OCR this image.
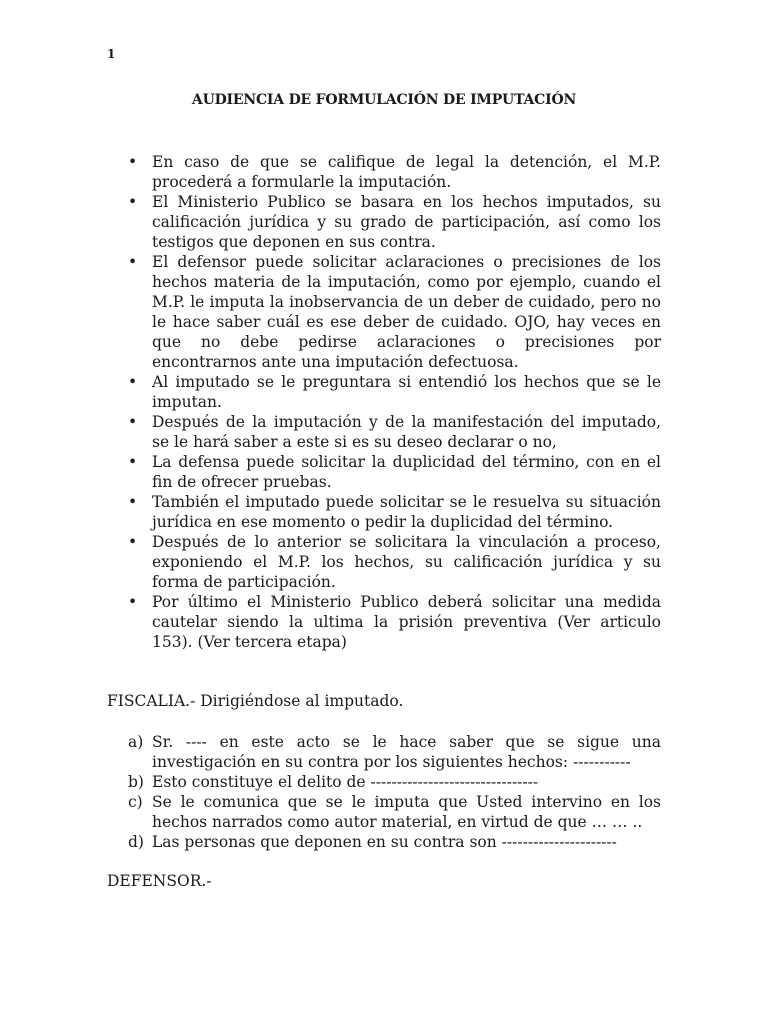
1
AUDIENCIA DE FORMULACIÓN DE IMPUTACIÓN
• En caso de que se califique de legal la detención, el M.P. procederá a formularle la imputación.
• El Ministerio Publico se basara en los hechos imputados, su calificación jurídica y su grado de participación, así como los testigos que deponen en sus contra.
• El defensor puede solicitar aclaraciones o precisiones de los hechos materia de la imputación, como por ejemplo, cuando el M.P. le imputa la inobservancia de un deber de cuidado, pero no le hace saber cuál es ese deber de cuidado. OJO, hay veces en que no debe pedirse aclaraciones o precisiones por encontrarnos ante una imputación defectuosa.
• Al imputado se le preguntara si entendió los hechos que se le imputan.
• Después de la imputación y de la manifestación del imputado, se le hará saber a este si es su deseo declarar o no,
• La defensa puede solicitar la duplicidad del término, con en el fin de ofrecer pruebas.
• También el imputado puede solicitar se le resuelva su situación jurídica en ese momento o pedir la duplicidad del término.
• Después de lo anterior se solicitara la vinculación a proceso, exponiendo el M.P. los hechos, su calificación jurídica y su forma de participación.
• Por último el Ministerio Publico deberá solicitar una medida cautelar siendo la ultima la prisión preventiva (Ver articulo 153). (Ver tercera etapa)
FISCALIA.- Dirigiéndose al imputado.
a) Sr. ---- en este acto se le hace saber que se sigue una investigación en su contra por los siguientes hechos: -----------
b) Esto constituye el delito de --------------------------------
c) Se le comunica que se le imputa que Usted intervino en los hechos narrados como autor material, en virtud de que … … ..
d) Las personas que deponen en su contra son ----------------------
DEFENSOR.-
